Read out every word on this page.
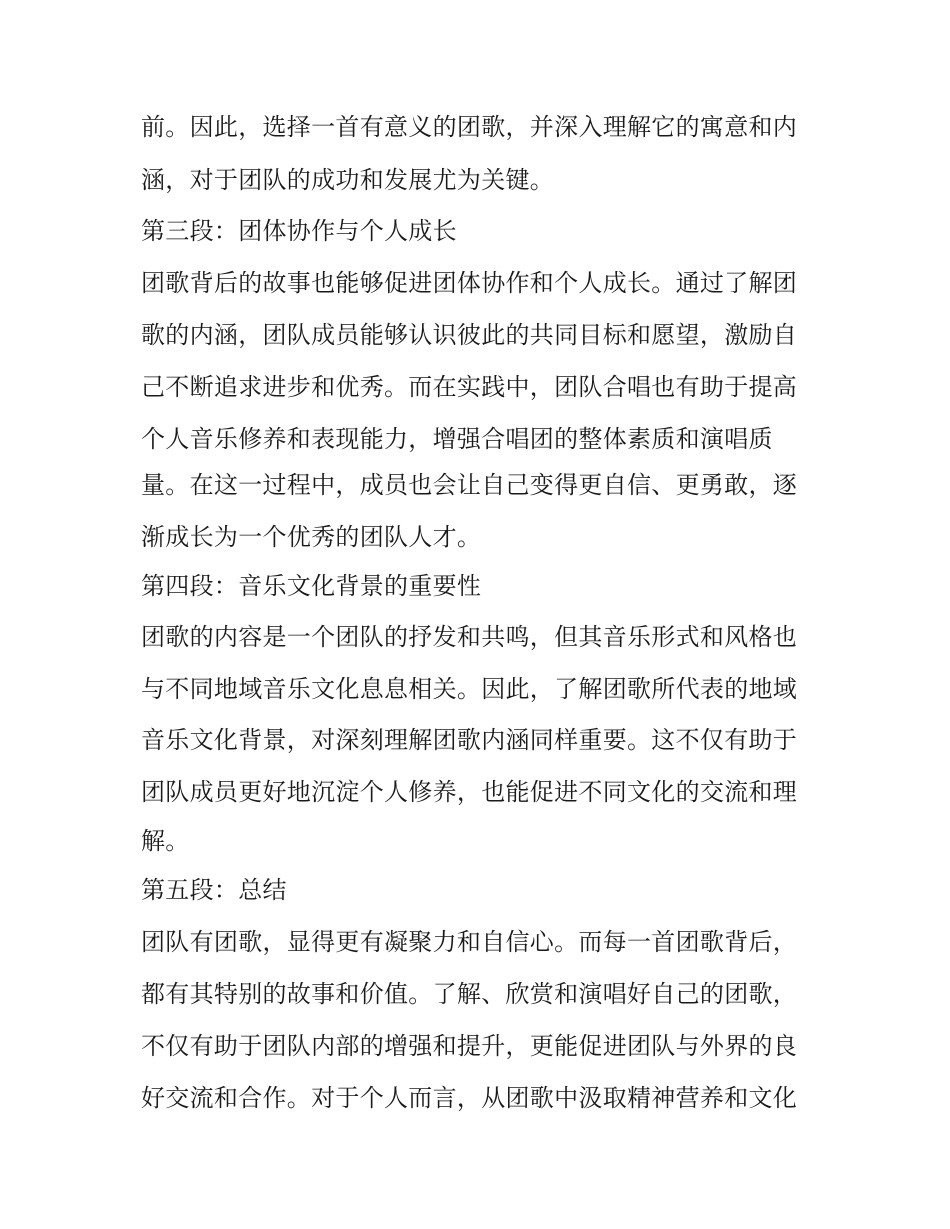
前。因此，选择一首有意义的团歌，并深入理解它的寓意和内
涵，对于团队的成功和发展尤为关键。
第三段：团体协作与个人成长
团歌背后的故事也能够促进团体协作和个人成长。通过了解团
歌的内涵，团队成员能够认识彼此的共同目标和愿望，激励自
己不断追求进步和优秀。而在实践中，团队合唱也有助于提高
个人音乐修养和表现能力，增强合唱团的整体素质和演唱质
量。在这一过程中，成员也会让自己变得更自信、更勇敢，逐
渐成长为一个优秀的团队人才。
第四段：音乐文化背景的重要性
团歌的内容是一个团队的抒发和共鸣，但其音乐形式和风格也
与不同地域音乐文化息息相关。因此，了解团歌所代表的地域
音乐文化背景，对深刻理解团歌内涵同样重要。这不仅有助于
团队成员更好地沉淀个人修养，也能促进不同文化的交流和理
解。
第五段：总结
团队有团歌，显得更有凝聚力和自信心。而每一首团歌背后，
都有其特别的故事和价值。了解、欣赏和演唱好自己的团歌，
不仅有助于团队内部的增强和提升，更能促进团队与外界的良
好交流和合作。对于个人而言，从团歌中汲取精神营养和文化
